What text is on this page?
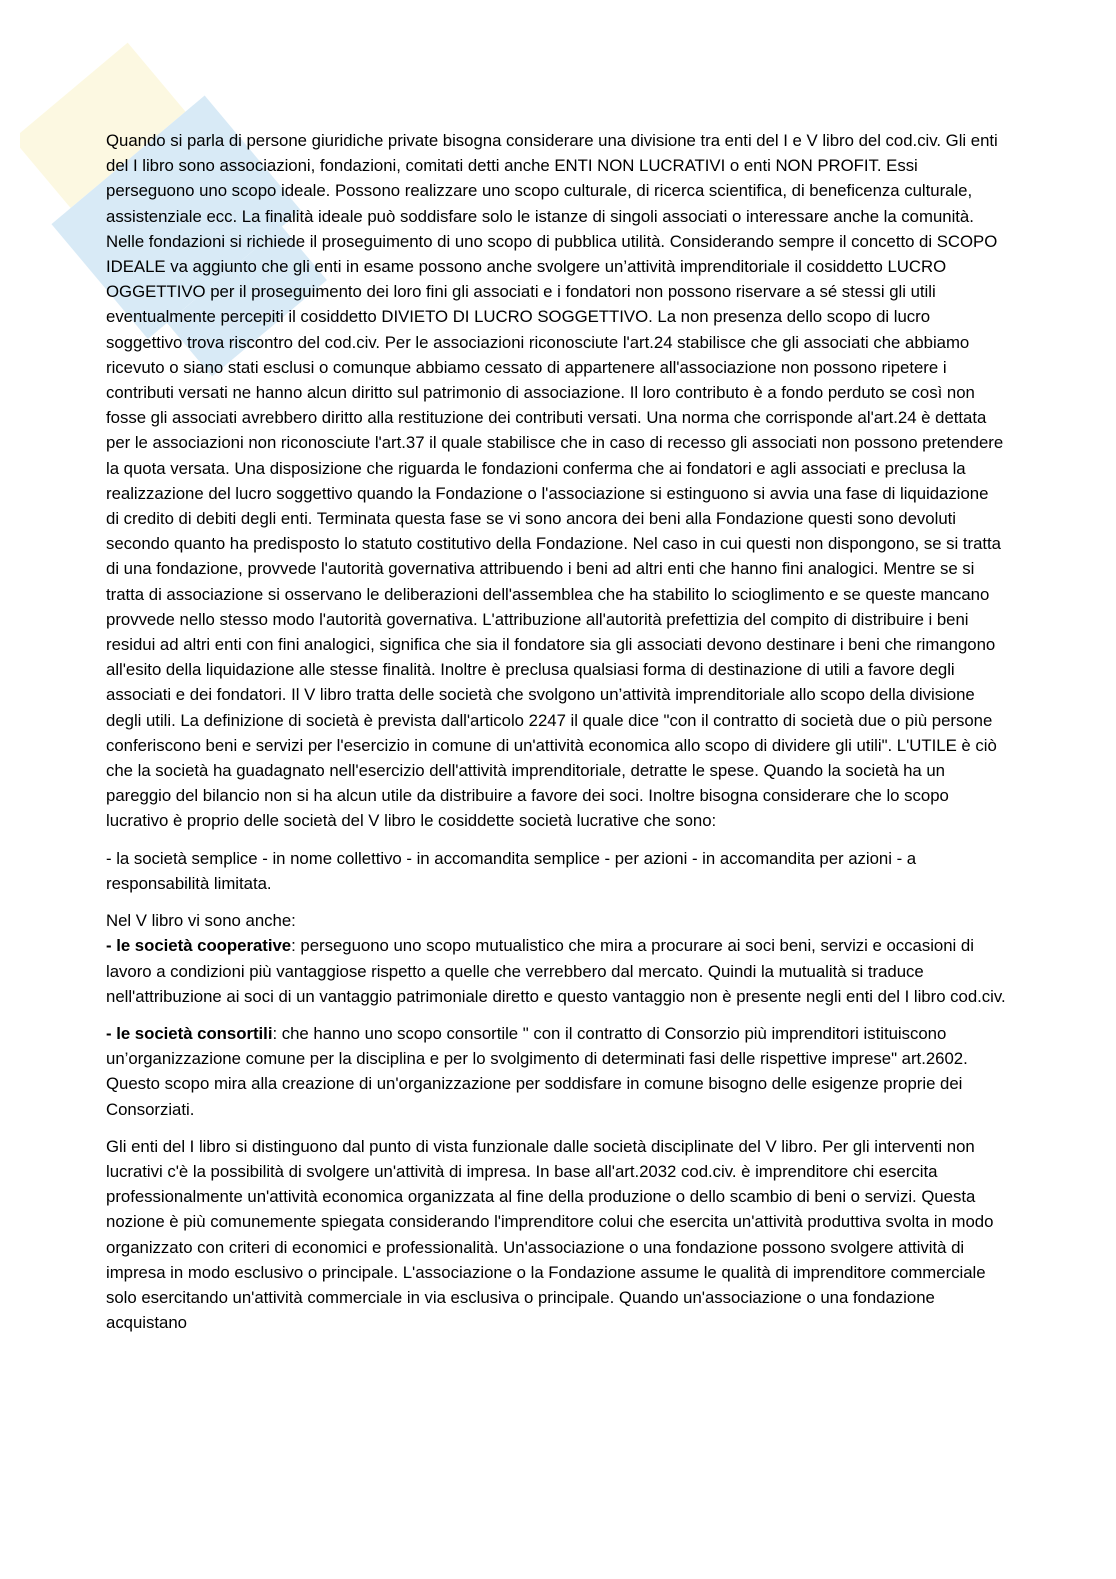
Quando si parla di persone giuridiche private bisogna considerare una divisione tra enti del I e V libro del cod.civ. Gli enti del I libro sono associazioni, fondazioni, comitati detti anche ENTI NON LUCRATIVI o enti NON PROFIT. Essi perseguono uno scopo ideale. Possono realizzare uno scopo culturale, di ricerca scientifica, di beneficenza culturale, assistenziale ecc. La finalità ideale può soddisfare solo le istanze di singoli associati o interessare anche la comunità. Nelle fondazioni si richiede il proseguimento di uno scopo di pubblica utilità. Considerando sempre il concetto di SCOPO IDEALE va aggiunto che gli enti in esame possono anche svolgere un’attività imprenditoriale il cosiddetto LUCRO OGGETTIVO per il proseguimento dei loro fini gli associati e i fondatori non possono riservare a sé stessi gli utili eventualmente percepiti il cosiddetto DIVIETO DI LUCRO SOGGETTIVO. La non presenza dello scopo di lucro soggettivo trova riscontro del cod.civ. Per le associazioni riconosciute l'art.24 stabilisce che gli associati che abbiamo ricevuto o siano stati esclusi o comunque abbiamo cessato di appartenere all'associazione non possono ripetere i contributi versati ne hanno alcun diritto sul patrimonio di associazione. Il loro contributo è a fondo perduto se così non fosse gli associati avrebbero diritto alla restituzione dei contributi versati. Una norma che corrisponde al'art.24 è dettata per le associazioni non riconosciute l'art.37 il quale stabilisce che in caso di recesso gli associati non possono pretendere la quota versata. Una disposizione che riguarda le fondazioni conferma che ai fondatori e agli associati e preclusa la realizzazione del lucro soggettivo quando la Fondazione o l'associazione si estinguono si avvia una fase di liquidazione di credito di debiti degli enti. Terminata questa fase se vi sono ancora dei beni alla Fondazione questi sono devoluti secondo quanto ha predisposto lo statuto costitutivo della Fondazione. Nel caso in cui questi non dispongono, se si tratta di una fondazione, provvede l'autorità governativa attribuendo i beni ad altri enti che hanno fini analogici. Mentre se si tratta di associazione si osservano le deliberazioni dell'assemblea che ha stabilito lo scioglimento e se queste mancano provvede nello stesso modo l'autorità governativa. L'attribuzione all'autorità prefettizia del compito di distribuire i beni residui ad altri enti con fini analogici, significa che sia il fondatore sia gli associati devono destinare i beni che rimangono all'esito della liquidazione alle stesse finalità. Inoltre è preclusa qualsiasi forma di destinazione di utili a favore degli associati e dei fondatori. Il V libro tratta delle società che svolgono un’attività imprenditoriale allo scopo della divisione degli utili. La definizione di società è prevista dall'articolo 2247 il quale dice "con il contratto di società due o più persone conferiscono beni e servizi per l'esercizio in comune di un'attività economica allo scopo di dividere gli utili". L'UTILE è ciò che la società ha guadagnato nell'esercizio dell'attività imprenditoriale, detratte le spese. Quando la società ha un pareggio del bilancio non si ha alcun utile da distribuire a favore dei soci. Inoltre bisogna considerare che lo scopo lucrativo è proprio delle società del V libro le cosiddette società lucrative che sono:

- la società semplice - in nome collettivo - in accomandita semplice - per azioni - in accomandita per azioni - a responsabilità limitata.

Nel V libro vi sono anche:

- le società cooperative: perseguono uno scopo mutualistico che mira a procurare ai soci beni, servizi e occasioni di lavoro a condizioni più vantaggiose rispetto a quelle che verrebbero dal mercato. Quindi la mutualità si traduce nell'attribuzione ai soci di un vantaggio patrimoniale diretto e questo vantaggio non è presente negli enti del I libro cod.civ.

- le società consortili: che hanno uno scopo consortile " con il contratto di Consorzio più imprenditori istituiscono un’organizzazione comune per la disciplina e per lo svolgimento di determinati fasi delle rispettive imprese" art.2602. Questo scopo mira alla creazione di un'organizzazione per soddisfare in comune bisogno delle esigenze proprie dei Consorziati.

Gli enti del I libro si distinguono dal punto di vista funzionale dalle società disciplinate del V libro. Per gli interventi non lucrativi c'è la possibilità di svolgere un'attività di impresa. In base all'art.2032 cod.civ. è imprenditore chi esercita professionalmente un'attività economica organizzata al fine della produzione o dello scambio di beni o servizi. Questa nozione è più comunemente spiegata considerando l'imprenditore colui che esercita un'attività produttiva svolta in modo organizzato con criteri di economici e professionalità. Un'associazione o una fondazione possono svolgere attività di impresa in modo esclusivo o principale. L'associazione o la Fondazione assume le qualità di imprenditore commerciale solo esercitando un'attività commerciale in via esclusiva o principale. Quando un'associazione o una fondazione acquistano
